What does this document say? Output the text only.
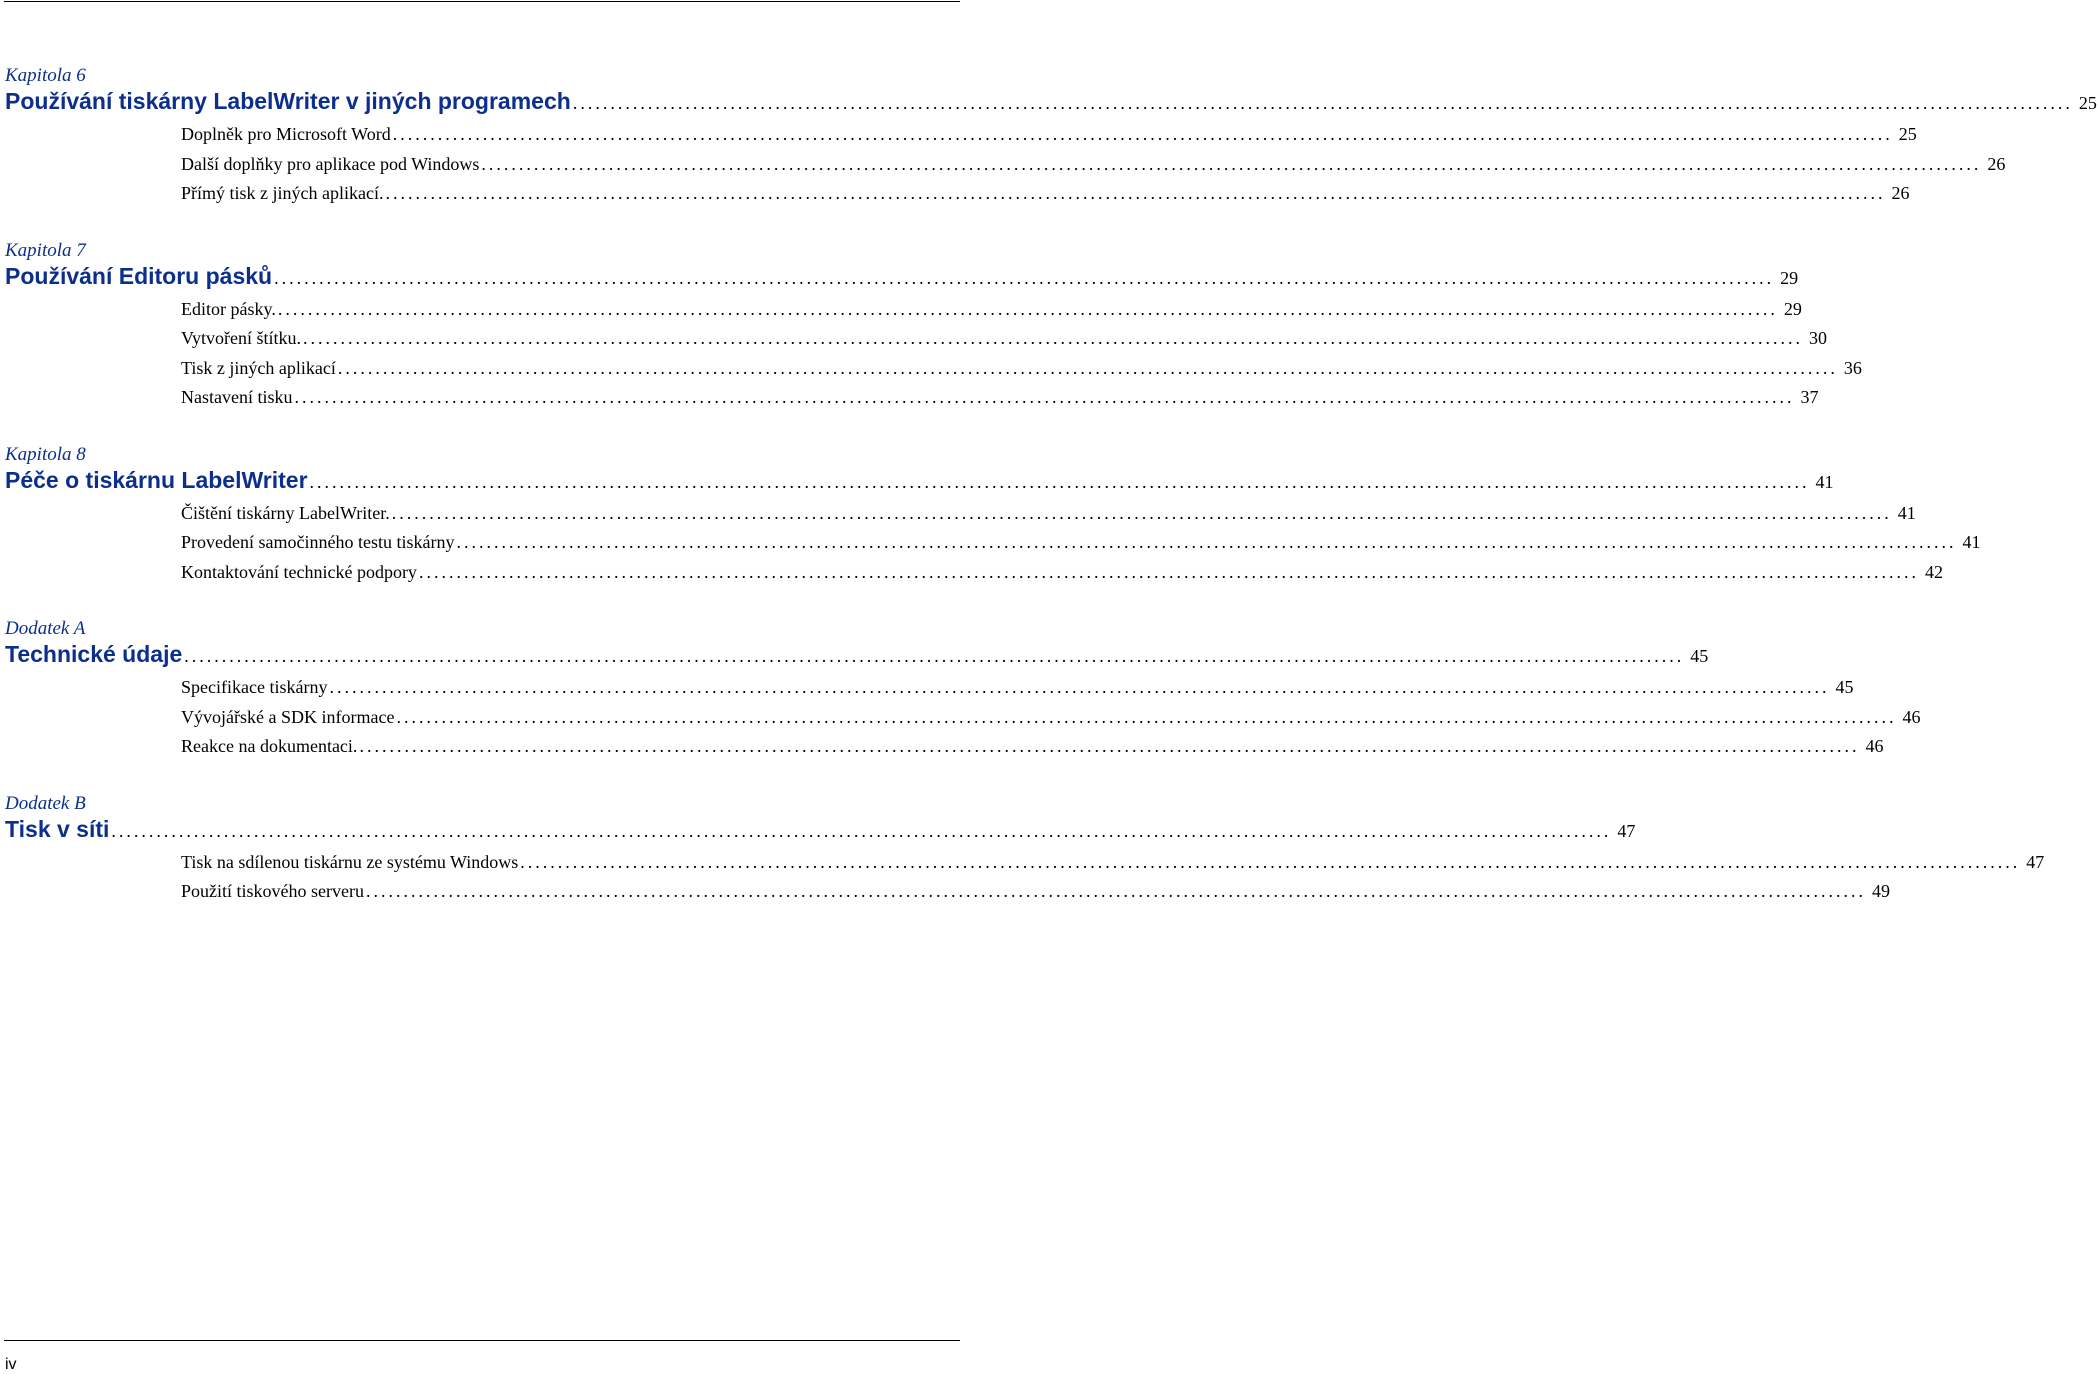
Kapitola 6
Používání tiskárny LabelWriter v jiných programech ........................................................................................................................................................................................................ 25
Doplněk pro Microsoft Word ........................................................................................................................................................................................................ 25
Další doplňky pro aplikace pod Windows ........................................................................................................................................................................................................ 26
Přímý tisk z jiných aplikací. ........................................................................................................................................................................................................ 26
Kapitola 7
Používání Editoru pásků ........................................................................................................................................................................................................ 29
Editor pásky. ........................................................................................................................................................................................................ 29
Vytvoření štítku. ........................................................................................................................................................................................................ 30
Tisk z jiných aplikací ........................................................................................................................................................................................................ 36
Nastavení tisku ........................................................................................................................................................................................................ 37
Kapitola 8
Péče o tiskárnu LabelWriter ........................................................................................................................................................................................................ 41
Čištění tiskárny LabelWriter. ........................................................................................................................................................................................................ 41
Provedení samočinného testu tiskárny ........................................................................................................................................................................................................ 41
Kontaktování technické podpory ........................................................................................................................................................................................................ 42
Dodatek A
Technické údaje ........................................................................................................................................................................................................ 45
Specifikace tiskárny ........................................................................................................................................................................................................ 45
Vývojářské a SDK informace ........................................................................................................................................................................................................ 46
Reakce na dokumentaci. ........................................................................................................................................................................................................ 46
Dodatek B
Tisk v síti ........................................................................................................................................................................................................ 47
Tisk na sdílenou tiskárnu ze systému Windows ........................................................................................................................................................................................................ 47
Použití tiskového serveru ........................................................................................................................................................................................................ 49
iv
